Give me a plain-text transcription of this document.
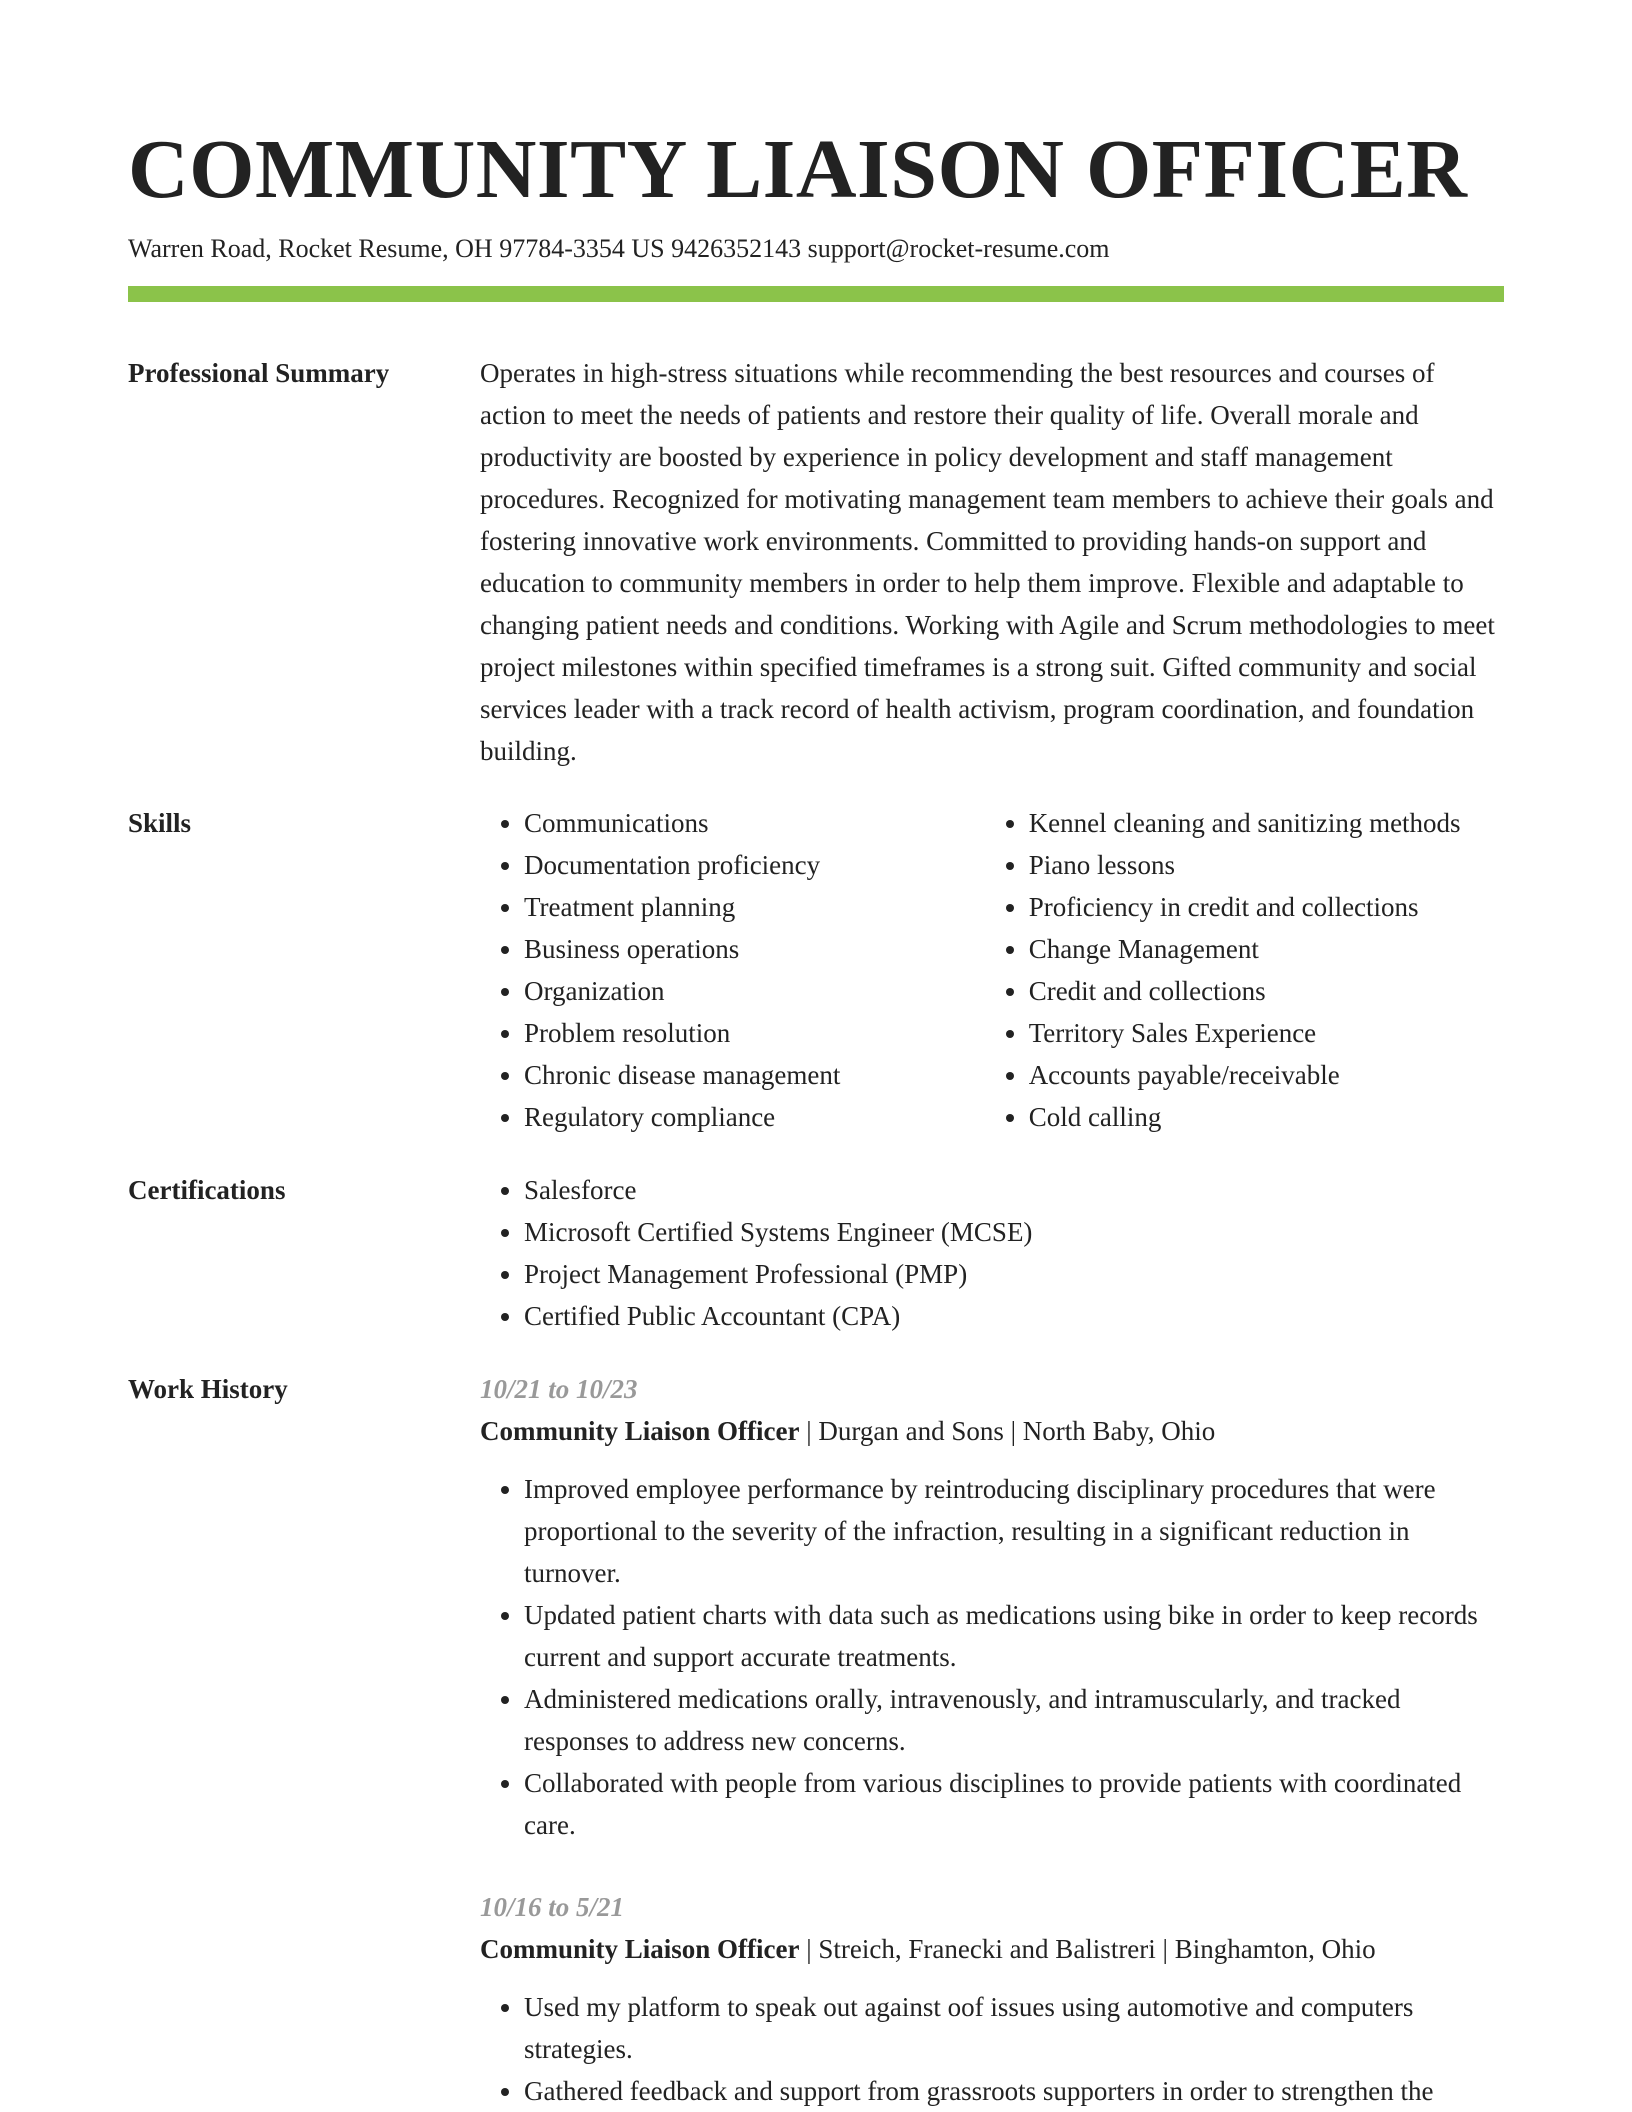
COMMUNITY LIAISON OFFICER
Warren Road, Rocket Resume, OH 97784-3354 US 9426352143 support@rocket-resume.com
Professional Summary	Operates in high-stress situations while recommending the best resources and courses of action to meet the needs of patients and restore their quality of life. Overall morale and productivity are boosted by experience in policy development and staff management procedures. Recognized for motivating management team members to achieve their goals and fostering innovative work environments. Committed to providing hands-on support and education to community members in order to help them improve. Flexible and adaptable to changing patient needs and conditions. Working with Agile and Scrum methodologies to meet project milestones within specified timeframes is a strong suit. Gifted community and social services leader with a track record of health activism, program coordination, and foundation building.

Skills	• Communications
• Documentation proficiency
• Treatment planning
• Business operations
• Organization
• Problem resolution
• Chronic disease management
• Regulatory compliance
• Kennel cleaning and sanitizing methods
• Piano lessons
• Proficiency in credit and collections
• Change Management
• Credit and collections
• Territory Sales Experience
• Accounts payable/receivable
• Cold calling
Certifications	• Salesforce
• Microsoft Certified Systems Engineer (MCSE)
• Project Management Professional (PMP)
• Certified Public Accountant (CPA)
Work History	10/21 to 10/23
Community Liaison Officer | Durgan and Sons | North Baby, Ohio
• Improved employee performance by reintroducing disciplinary procedures that were proportional to the severity of the infraction, resulting in a significant reduction in turnover.
• Updated patient charts with data such as medications using bike in order to keep records current and support accurate treatments.
• Administered medications orally, intravenously, and intramuscularly, and tracked responses to address new concerns.
• Collaborated with people from various disciplines to provide patients with coordinated care.
10/16 to 5/21
Community Liaison Officer | Streich, Franecki and Balistreri | Binghamton, Ohio
• Used my platform to speak out against oof issues using automotive and computers strategies.
• Gathered feedback and support from grassroots supporters in order to strengthen the
